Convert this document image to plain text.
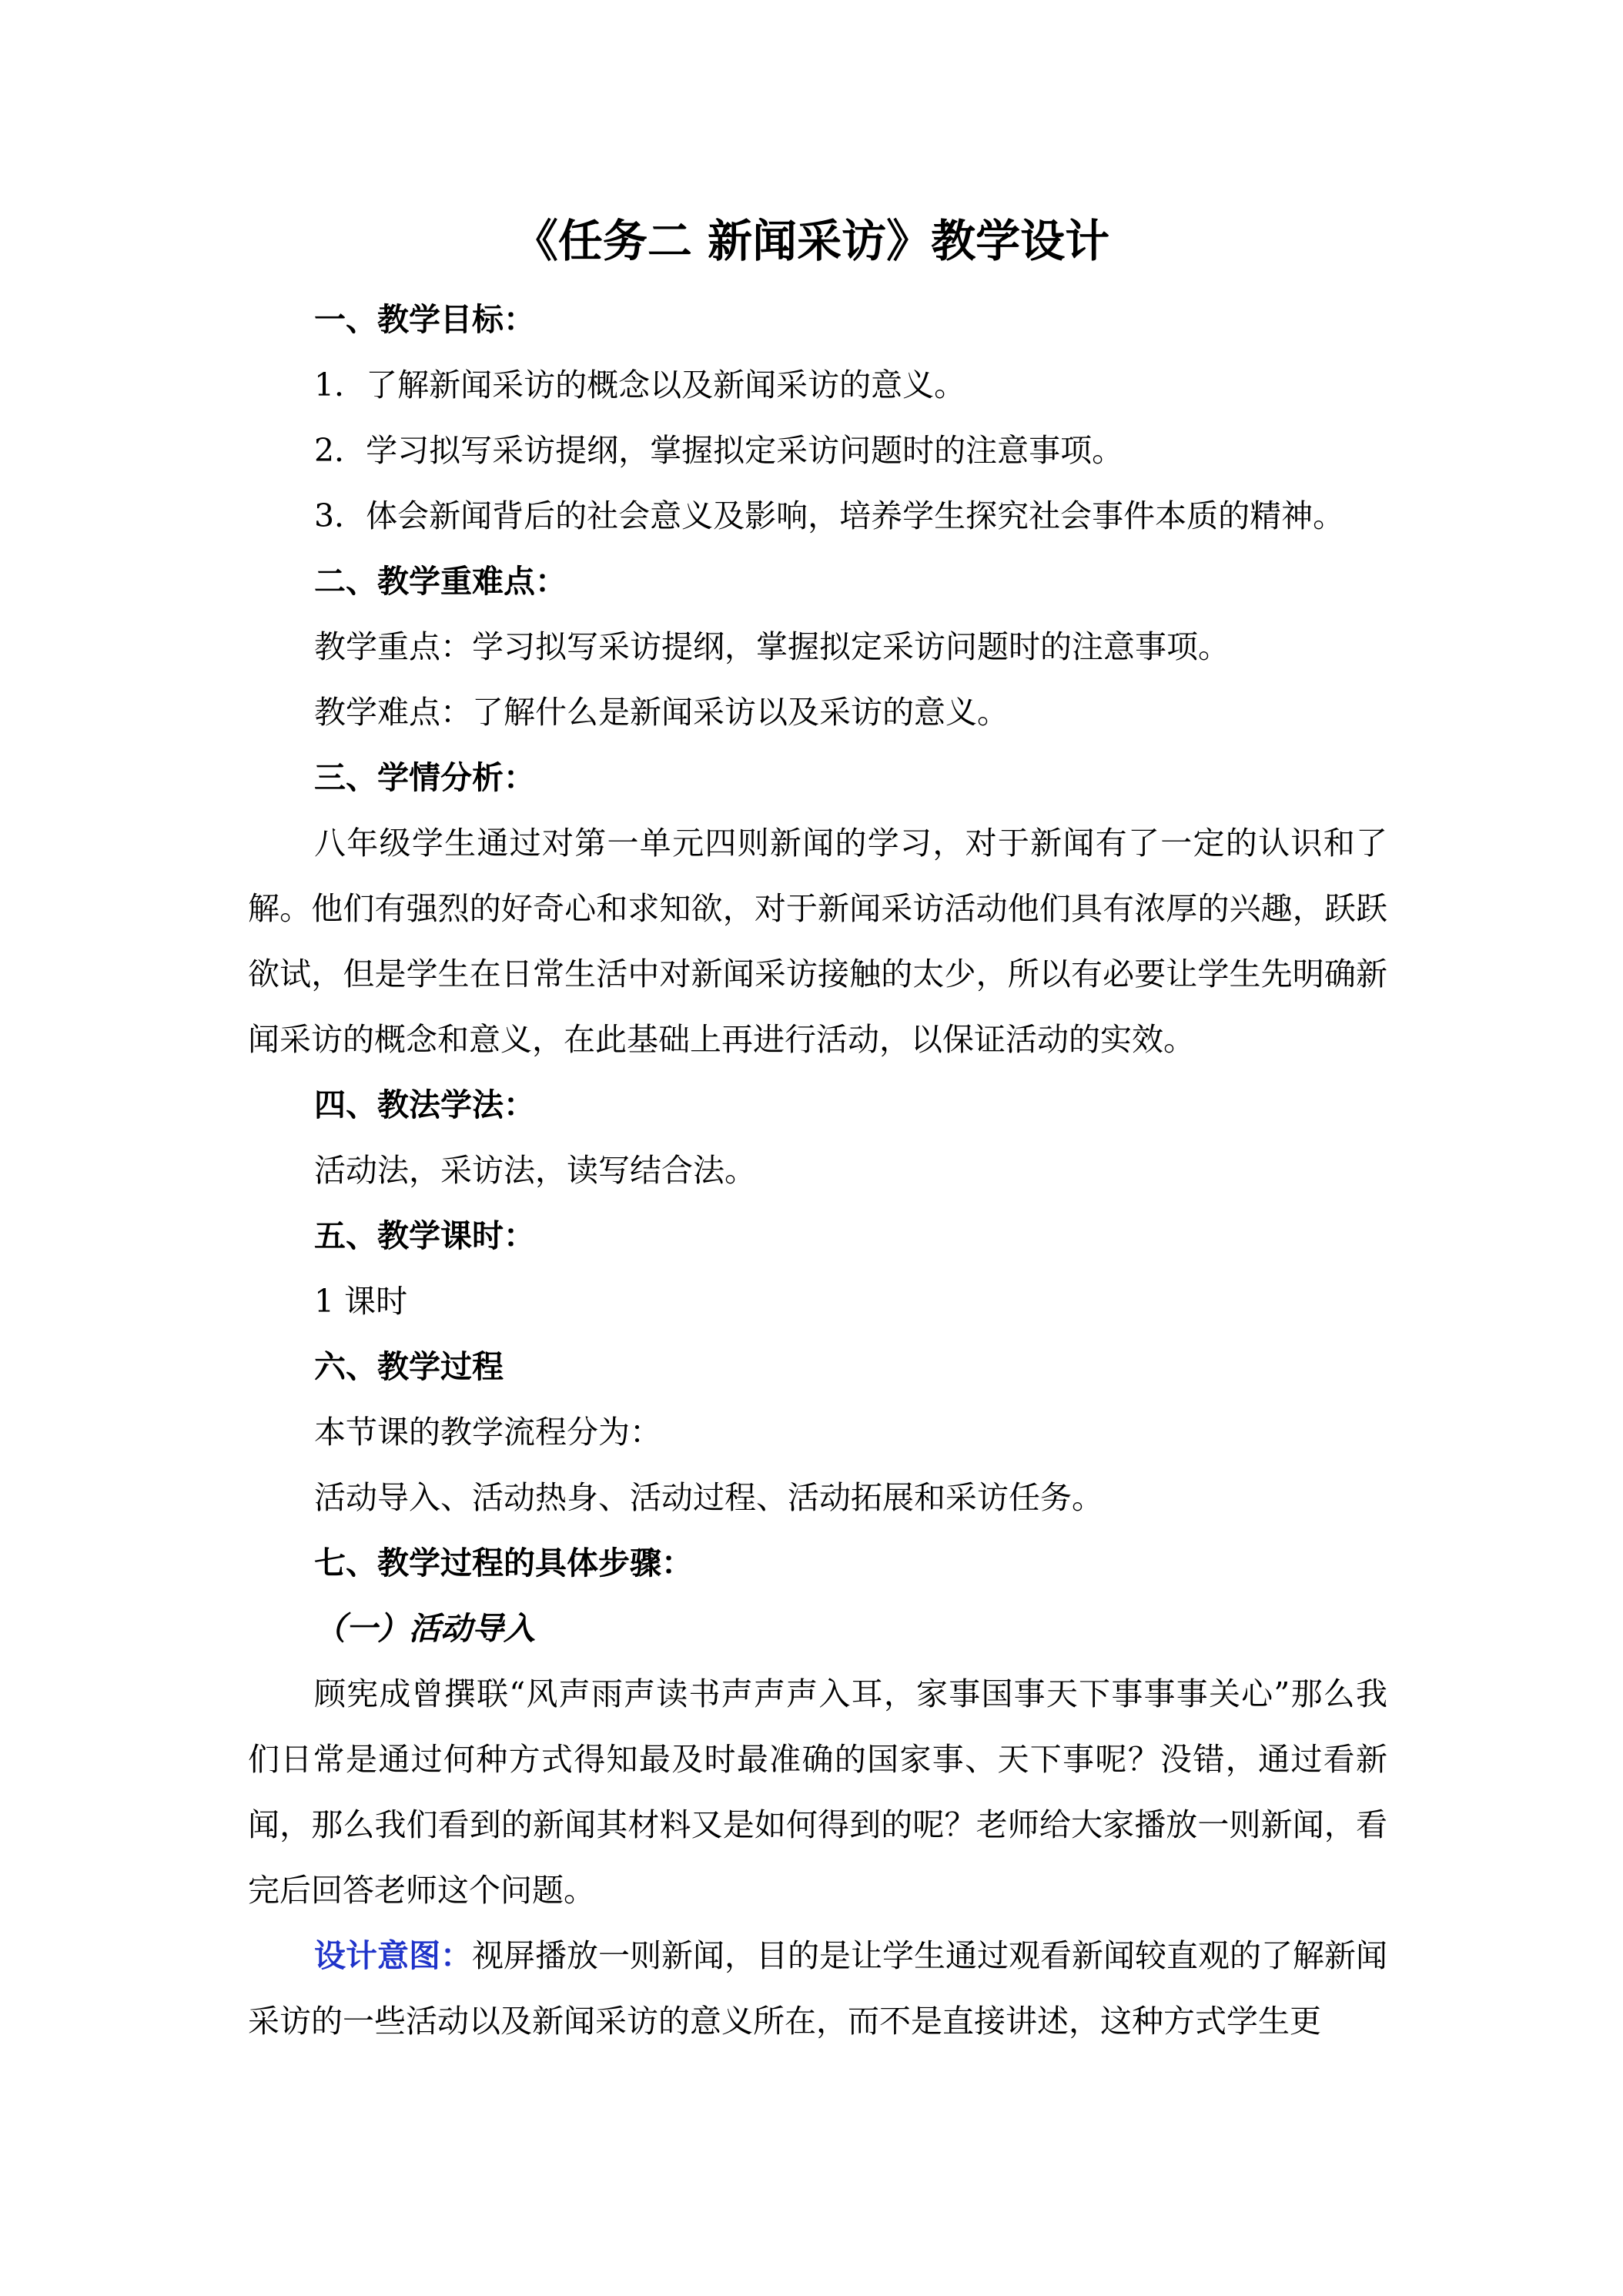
《任务二 新闻采访》教学设计
一、教学目标：
1．了解新闻采访的概念以及新闻采访的意义。
2．学习拟写采访提纲，掌握拟定采访问题时的注意事项。
3．体会新闻背后的社会意义及影响，培养学生探究社会事件本质的精神。
二、教学重难点：
教学重点：学习拟写采访提纲，掌握拟定采访问题时的注意事项。
教学难点：了解什么是新闻采访以及采访的意义。
三、学情分析：
八年级学生通过对第一单元四则新闻的学习，对于新闻有了一定的认识和了解。他们有强烈的好奇心和求知欲，对于新闻采访活动他们具有浓厚的兴趣，跃跃欲试，但是学生在日常生活中对新闻采访接触的太少，所以有必要让学生先明确新闻采访的概念和意义，在此基础上再进行活动，以保证活动的实效。
四、教法学法：
活动法，采访法，读写结合法。
五、教学课时：
1 课时
六、教学过程
本节课的教学流程分为：
活动导入、活动热身、活动过程、活动拓展和采访任务。
七、教学过程的具体步骤：
（一）活动导入
顾宪成曾撰联“风声雨声读书声声声入耳，家事国事天下事事事关心”那么我们日常是通过何种方式得知最及时最准确的国家事、天下事呢？没错，通过看新闻，那么我们看到的新闻其材料又是如何得到的呢？老师给大家播放一则新闻，看完后回答老师这个问题。
设计意图：视屏播放一则新闻，目的是让学生通过观看新闻较直观的了解新闻采访的一些活动以及新闻采访的意义所在，而不是直接讲述，这种方式学生更
